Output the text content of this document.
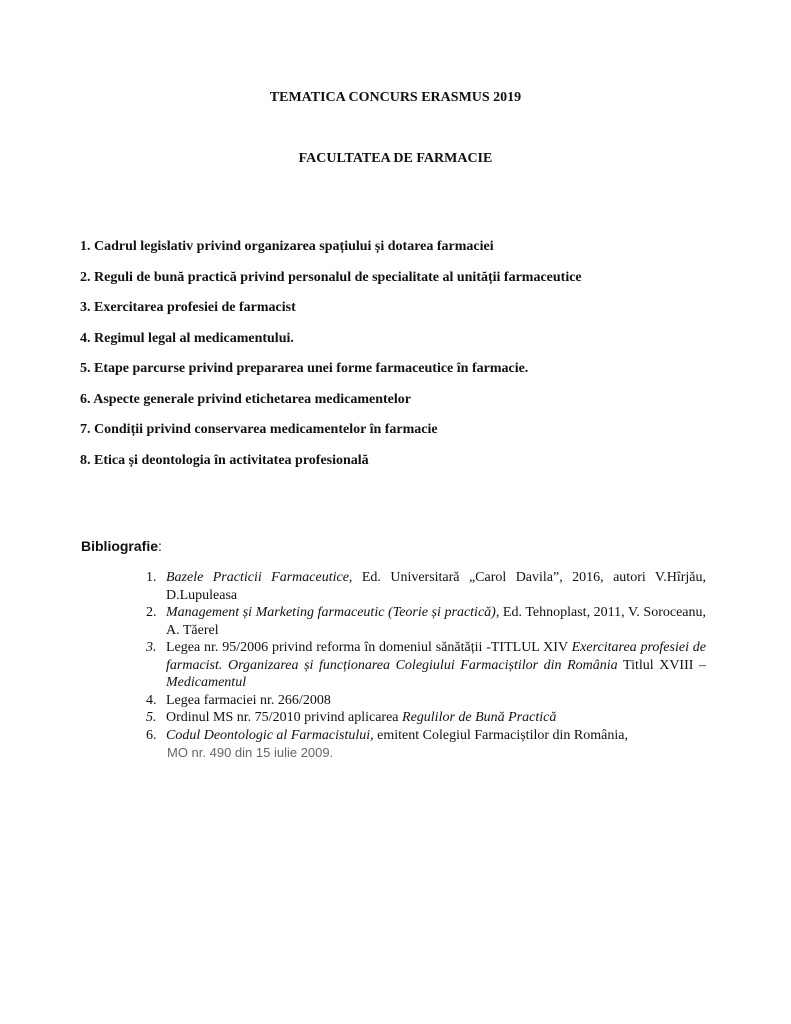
TEMATICA CONCURS ERASMUS 2019
FACULTATEA DE FARMACIE
1. Cadrul legislativ privind organizarea spațiului și dotarea farmaciei
2. Reguli de bună practică privind personalul de specialitate al unității farmaceutice
3. Exercitarea profesiei de farmacist
4. Regimul legal al medicamentului.
5. Etape parcurse privind prepararea unei forme farmaceutice în farmacie.
6. Aspecte generale privind etichetarea medicamentelor
7. Condiții privind conservarea medicamentelor în farmacie
8. Etica și deontologia în activitatea profesională
Bibliografie:
1. Bazele Practicii Farmaceutice, Ed. Universitară „Carol Davila”, 2016, autori V.Hîrjău, D.Lupuleasa
2. Management și Marketing farmaceutic (Teorie și practică), Ed. Tehnoplast, 2011, V. Soroceanu, A. Tăerel
3. Legea nr. 95/2006 privind reforma în domeniul sănătății -TITLUL XIV Exercitarea profesiei de farmacist. Organizarea și funcționarea Colegiului Farmaciștilor din România Titlul XVIII –Medicamentul
4. Legea farmaciei nr. 266/2008
5. Ordinul MS nr. 75/2010 privind aplicarea Regulilor de Bună Practică
6. Codul Deontologic al Farmacistului, emitent Colegiul Farmaciștilor din România,
MO nr. 490 din 15 iulie 2009.
